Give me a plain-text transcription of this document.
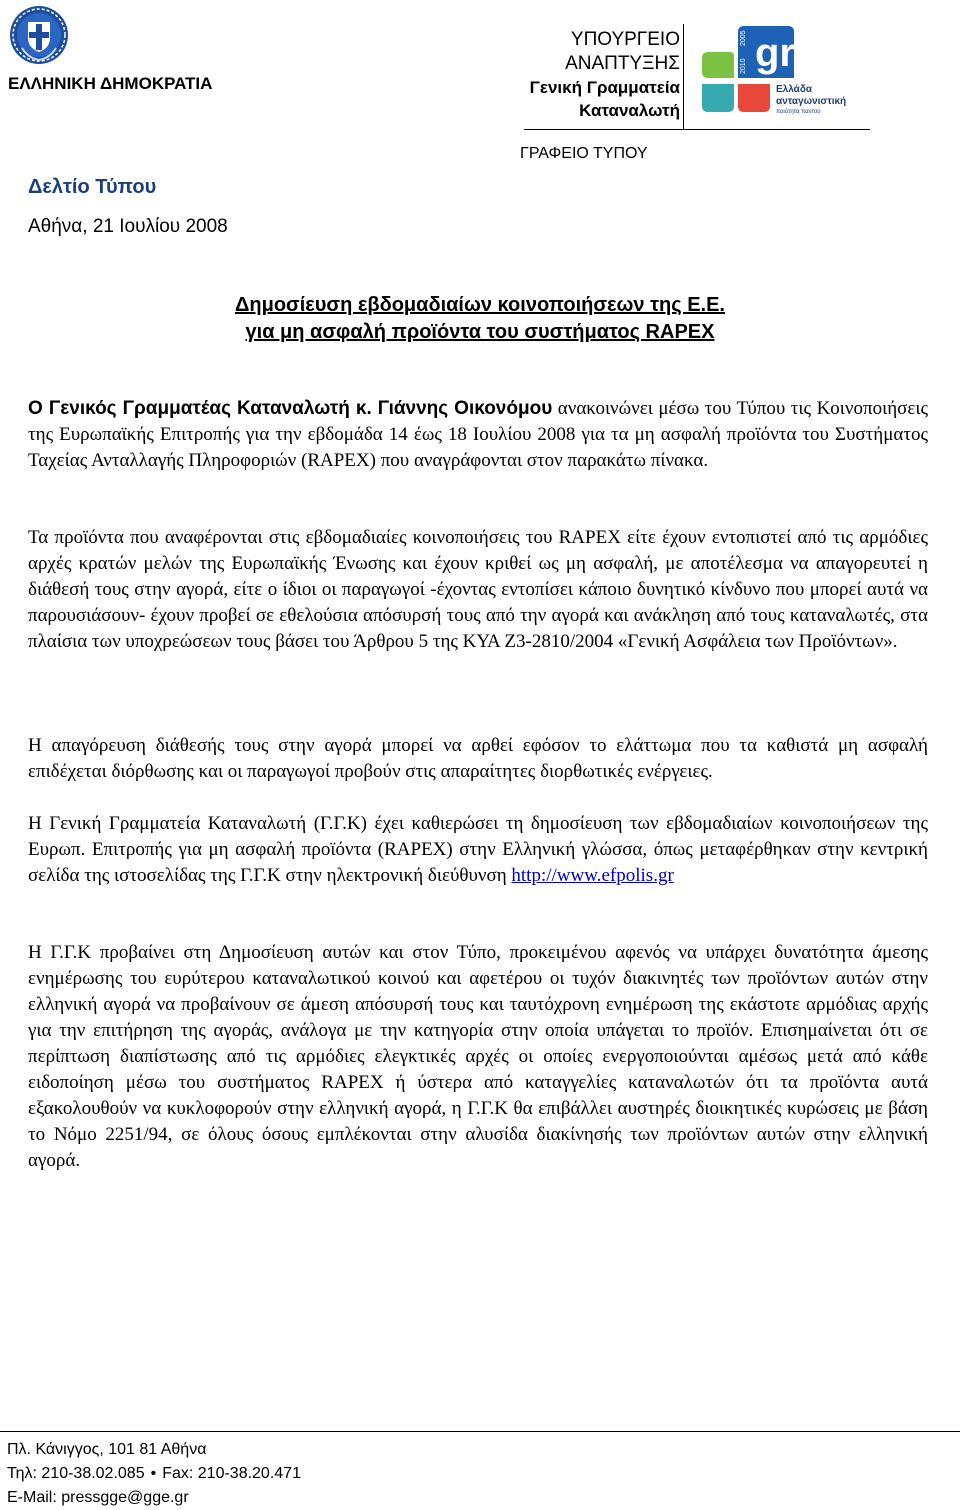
ΕΛΛΗΝΙΚΗ ΔΗΜΟΚΡΑΤΙΑ
ΥΠΟΥΡΓΕΙΟ
ΑΝΑΠΤΥΞΗΣ
Γενική Γραμματεία
Καταναλωτή
gr
2005
2010
Ελλάδα
ανταγωνιστική
ποιότητα παντού
ΓΡΑΦΕΙΟ ΤΥΠΟΥ
Δελτίο Τύπου
Αθήνα, 21 Ιουλίου 2008
Δημοσίευση εβδομαδιαίων κοινοποιήσεων της Ε.Ε.
για μη ασφαλή προϊόντα του συστήματος RAPEX

Ο Γενικός Γραμματέας Καταναλωτή κ. Γιάννης Οικονόμου ανακοινώνει μέσω του Τύπου τις Κοινοποιήσεις της Ευρωπαϊκής Επιτροπής για την εβδομάδα 14 έως 18 Ιουλίου 2008 για τα μη ασφαλή προϊόντα του Συστήματος Ταχείας Ανταλλαγής Πληροφοριών (RAPEX) που αναγράφονται στον παρακάτω πίνακα.

Τα προϊόντα που αναφέρονται στις εβδομαδιαίες κοινοποιήσεις του RAPEX είτε έχουν εντοπιστεί από τις αρμόδιες αρχές κρατών μελών της Ευρωπαϊκής Ένωσης και έχουν κριθεί ως μη ασφαλή, με αποτέλεσμα να απαγορευτεί η διάθεσή τους στην αγορά, είτε ο ίδιοι οι παραγωγοί -έχοντας εντοπίσει κάποιο δυνητικό κίνδυνο που μπορεί αυτά να παρουσιάσουν- έχουν προβεί σε εθελούσια απόσυρσή τους από την αγορά και ανάκληση από τους καταναλωτές, στα πλαίσια των υποχρεώσεων τους βάσει του Άρθρου 5 της ΚΥΑ Ζ3-2810/2004 «Γενική Ασφάλεια των Προϊόντων».

Η απαγόρευση διάθεσής τους στην αγορά μπορεί να αρθεί εφόσον το ελάττωμα που τα καθιστά μη ασφαλή επιδέχεται διόρθωσης και οι παραγωγοί προβούν στις απαραίτητες διορθωτικές ενέργειες.

Η Γενική Γραμματεία Καταναλωτή (Γ.Γ.Κ) έχει καθιερώσει τη δημοσίευση των εβδομαδιαίων κοινοποιήσεων της Ευρωπ. Επιτροπής για μη ασφαλή προϊόντα (RAPEX) στην Ελληνική γλώσσα, όπως μεταφέρθηκαν στην κεντρική σελίδα της ιστοσελίδας της Γ.Γ.Κ στην ηλεκτρονική διεύθυνση http://www.efpolis.gr

Η Γ.Γ.Κ προβαίνει στη Δημοσίευση αυτών και στον Τύπο, προκειμένου αφενός να υπάρχει δυνατότητα άμεσης ενημέρωσης του ευρύτερου καταναλωτικού κοινού και αφετέρου οι τυχόν διακινητές των προϊόντων αυτών στην ελληνική αγορά να προβαίνουν σε άμεση απόσυρσή τους και ταυτόχρονη ενημέρωση της εκάστοτε αρμόδιας αρχής για την επιτήρηση της αγοράς, ανάλογα με την κατηγορία στην οποία υπάγεται το προϊόν. Επισημαίνεται ότι σε περίπτωση διαπίστωσης από τις αρμόδιες ελεγκτικές αρχές οι οποίες ενεργοποιούνται αμέσως μετά από κάθε ειδοποίηση μέσω του συστήματος RAPEX ή ύστερα από καταγγελίες καταναλωτών ότι τα προϊόντα αυτά εξακολουθούν να κυκλοφορούν στην ελληνική αγορά, η Γ.Γ.Κ θα επιβάλλει αυστηρές διοικητικές κυρώσεις με βάση το Νόμο 2251/94, σε όλους όσους εμπλέκονται στην αλυσίδα διακίνησής των προϊόντων αυτών στην ελληνική αγορά.

Πλ. Κάνιγγος, 101 81 Αθήνα
Τηλ: 210-38.02.085 • Fax: 210-38.20.471
E-Mail: pressgge@gge.gr
